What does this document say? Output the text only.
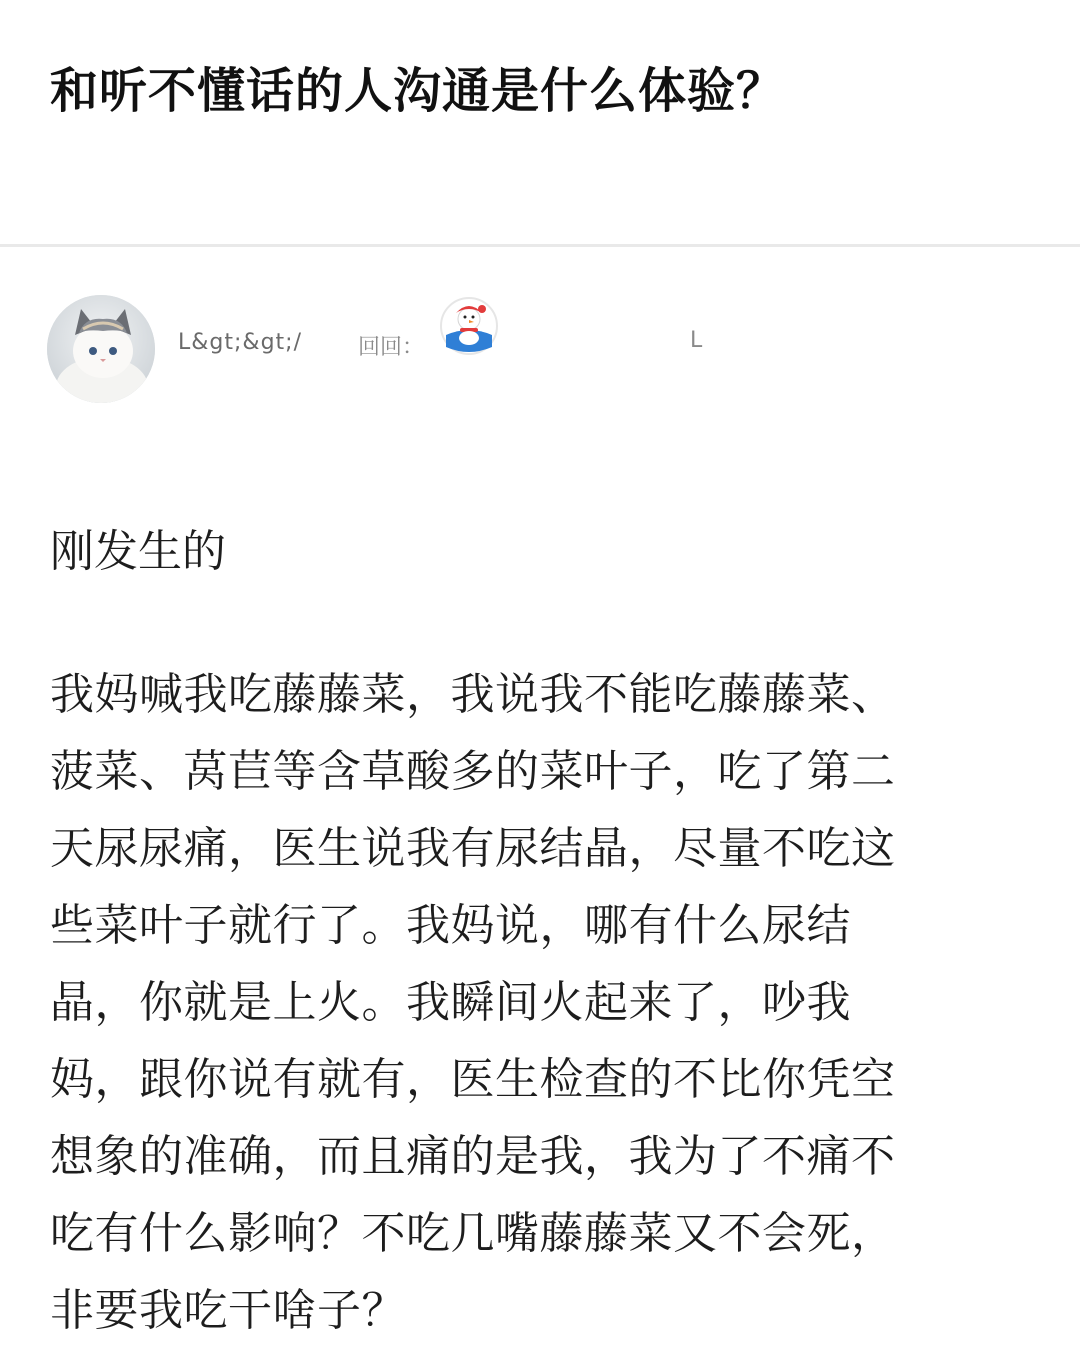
和听不懂话的人沟通是什么体验？
L&gt;&gt;/	回回：	L
刚发生的
我妈喊我吃藤藤菜，我说我不能吃藤藤菜、
菠菜、莴苣等含草酸多的菜叶子，吃了第二
天尿尿痛，医生说我有尿结晶，尽量不吃这
些菜叶子就行了。我妈说，哪有什么尿结
晶，你就是上火。我瞬间火起来了，吵我
妈，跟你说有就有，医生检查的不比你凭空
想象的准确，而且痛的是我，我为了不痛不
吃有什么影响？不吃几嘴藤藤菜又不会死，
非要我吃干啥子？
